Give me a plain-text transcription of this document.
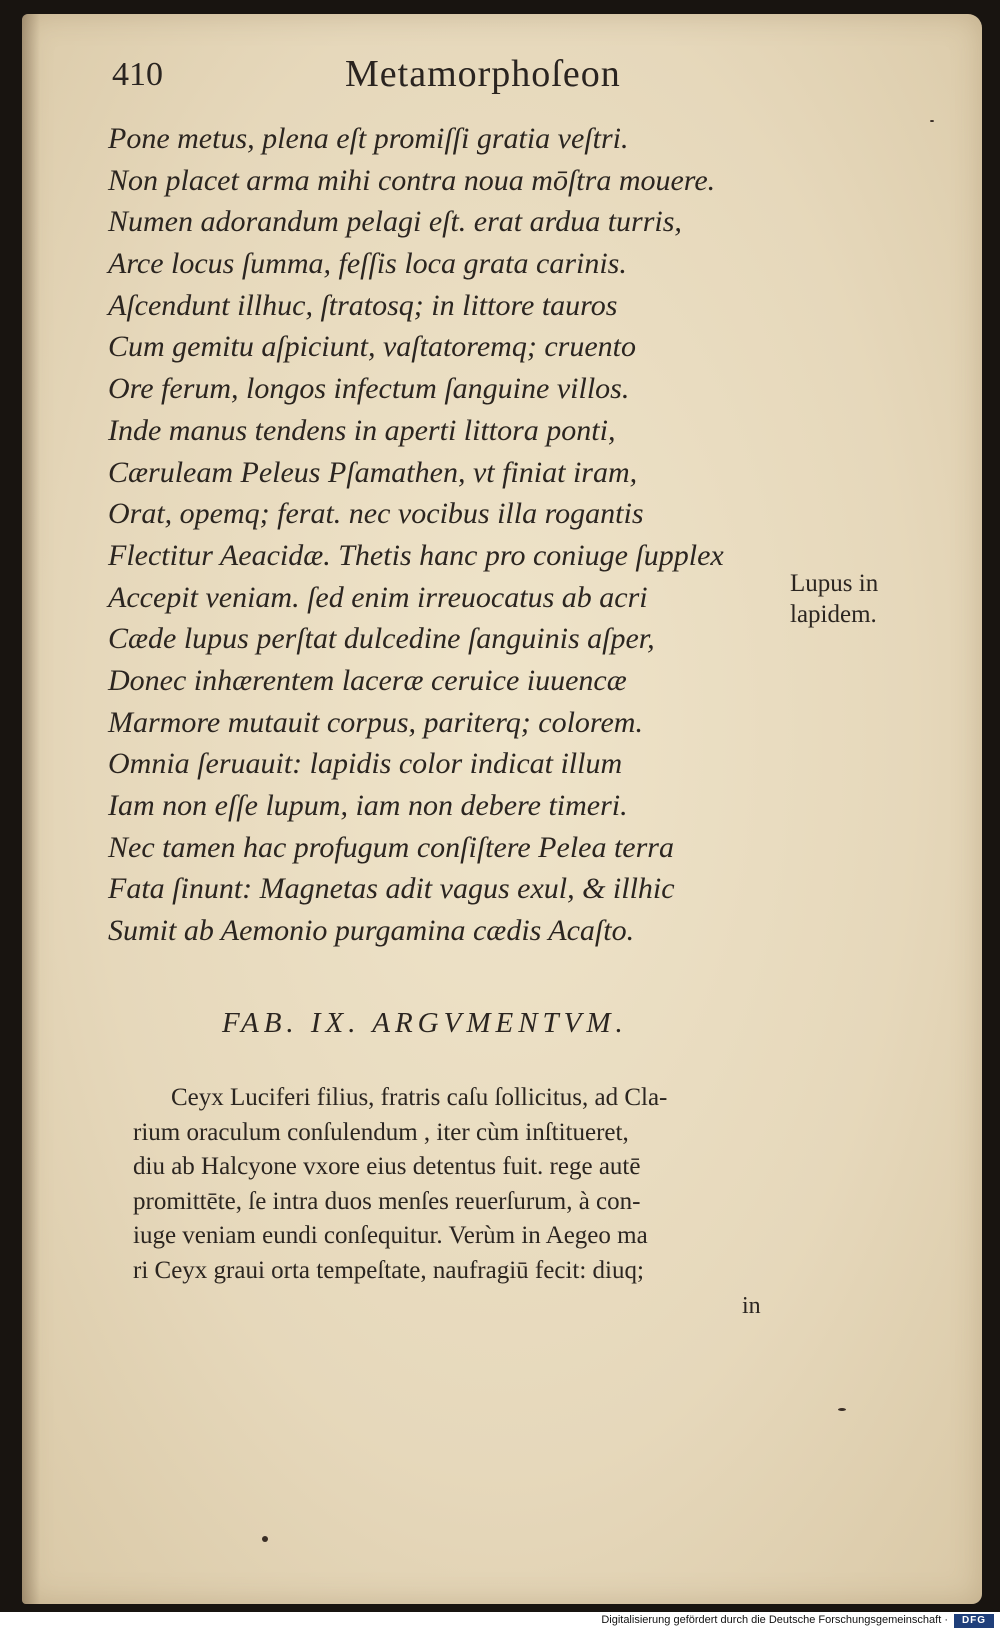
410	Metamorphoſeon
Pone metus, plena eſt promiſſi gratia veſtri.
Non placet arma mihi contra noua mōſtra mouere.
Numen adorandum pelagi eſt. erat ardua turris,
Arce locus ſumma, feſſis loca grata carinis.
Aſcendunt illhuc, ſtratosq; in littore tauros
Cum gemitu aſpiciunt, vaſtatoremq; cruento
Ore ferum, longos infectum ſanguine villos.
Inde manus tendens in aperti littora ponti,
Cæruleam Peleus Pſamathen, vt finiat iram,
Orat, opemq; ferat. nec vocibus illa rogantis
Flectitur Aeacidæ. Thetis hanc pro coniuge ſupplex
Accepit veniam. ſed enim irreuocatus ab acri
Cæde lupus perſtat dulcedine ſanguinis aſper,
Donec inhærentem laceræ ceruice iuuencæ
Marmore mutauit corpus, pariterq; colorem.
Omnia ſeruauit: lapidis color indicat illum
Iam non eſſe lupum, iam non debere timeri.
Nec tamen hac profugum conſiſtere Pelea terra
Fata ſinunt: Magnetas adit vagus exul, & illhic
Sumit ab Aemonio purgamina cædis Acaſto.
Lupus in
lapidem.
FAB. IX. ARGVMENTVM.
Ceyx Luciferi filius, fratris caſu ſollicitus, ad Cla-
rium oraculum conſulendum , iter cùm inſtitueret,
diu ab Halcyone vxore eius detentus fuit. rege autē
promittēte, ſe intra duos menſes reuerſurum, à con-
iuge veniam eundi conſequitur. Verùm in Aegeo ma
ri Ceyx graui orta tempeſtate, naufragiū fecit: diuq;
in
Digitalisierung gefördert durch die Deutsche Forschungsgemeinschaft ·	DFG
